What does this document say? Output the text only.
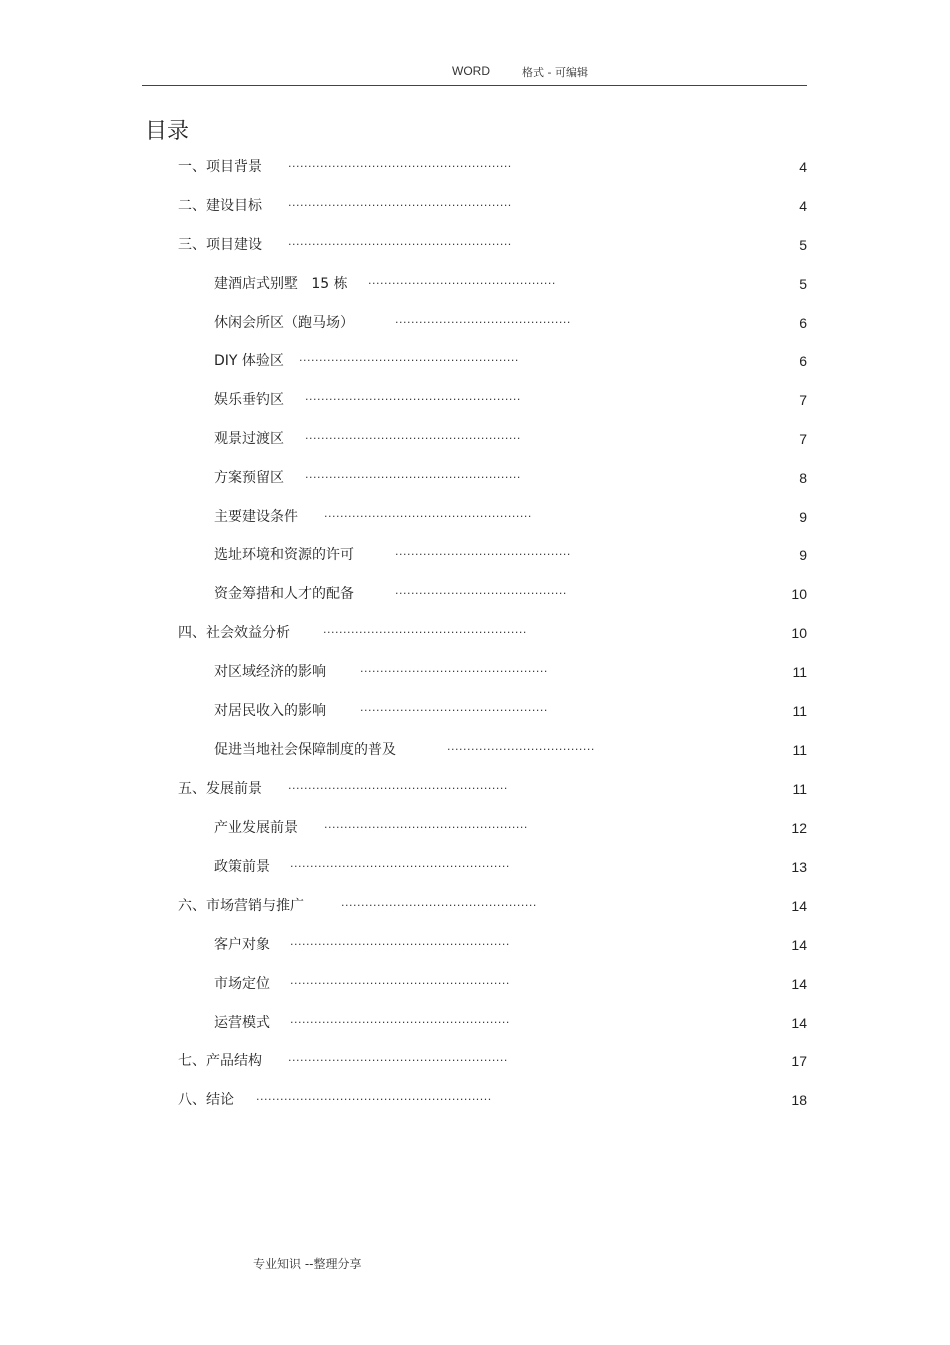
WORD	格式 - 可编辑
目录
一、项目背景 ........................................................	4
二、建设目标 ........................................................	4
三、项目建设 ........................................................	5
建酒店式别墅   15 栋 ...............................................	5
休闲会所区（跑马场）	............................................	6
DIY 体验区 .......................................................	6
娱乐垂钓区 ......................................................	7
观景过渡区 ......................................................	7
方案预留区 ......................................................	8
主要建设条件 ....................................................	9
选址环境和资源的许可	............................................	9
资金筹措和人才的配备	...........................................	10
四、社会效益分析	...................................................	10
对区域经济的影响	...............................................	11
对居民收入的影响	...............................................	11
促进当地社会保障制度的普及	.....................................	11
五、发展前景 .......................................................	11
产业发展前景 ...................................................	12
政策前景 .......................................................	13
六、市场营销与推广	.................................................	14
客户对象 .......................................................	14
市场定位 .......................................................	14
运营模式 .......................................................	14
七、产品结构 .......................................................	17
八、结论 ...........................................................	18
专业知识 --整理分享
